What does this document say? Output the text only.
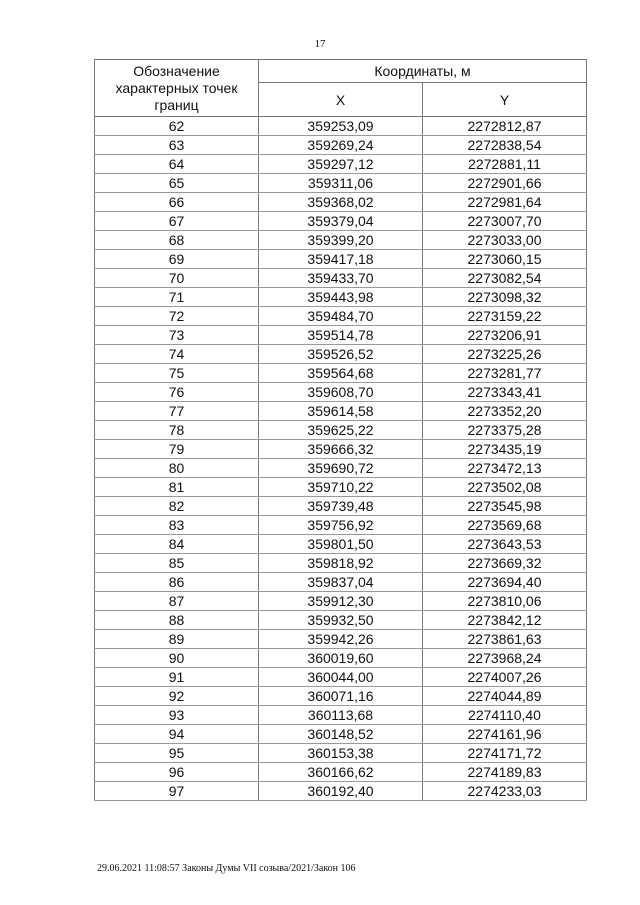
17
Обозначение характерных точек границ	Координаты, м	
	X	Y
62	359253,09	2272812,87
63	359269,24	2272838,54
64	359297,12	2272881,11
65	359311,06	2272901,66
66	359368,02	2272981,64
67	359379,04	2273007,70
68	359399,20	2273033,00
69	359417,18	2273060,15
70	359433,70	2273082,54
71	359443,98	2273098,32
72	359484,70	2273159,22
73	359514,78	2273206,91
74	359526,52	2273225,26
75	359564,68	2273281,77
76	359608,70	2273343,41
77	359614,58	2273352,20
78	359625,22	2273375,28
79	359666,32	2273435,19
80	359690,72	2273472,13
81	359710,22	2273502,08
82	359739,48	2273545,98
83	359756,92	2273569,68
84	359801,50	2273643,53
85	359818,92	2273669,32
86	359837,04	2273694,40
87	359912,30	2273810,06
88	359932,50	2273842,12
89	359942,26	2273861,63
90	360019,60	2273968,24
91	360044,00	2274007,26
92	360071,16	2274044,89
93	360113,68	2274110,40
94	360148,52	2274161,96
95	360153,38	2274171,72
96	360166,62	2274189,83
97	360192,40	2274233,03
29.06.2021 11:08:57 Законы Думы VII созыва/2021/Закон 106
